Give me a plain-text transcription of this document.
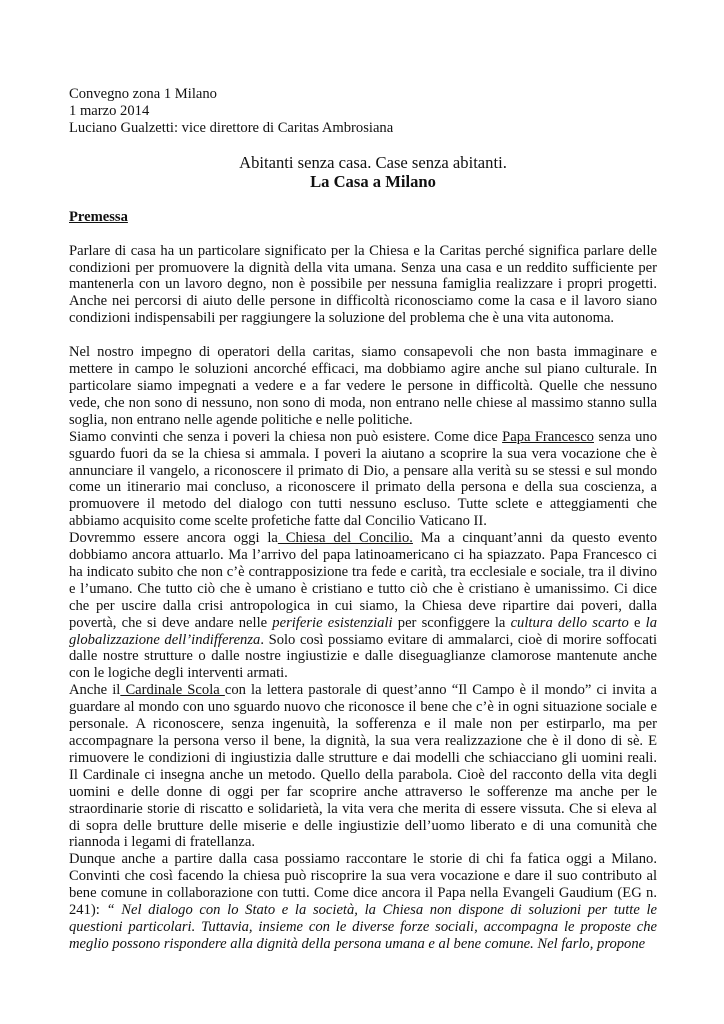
Convegno zona 1 Milano
1 marzo 2014
Luciano Gualzetti: vice direttore di Caritas Ambrosiana
Abitanti senza casa. Case senza abitanti.
La Casa a Milano
Premessa

Parlare di casa ha un particolare significato per la Chiesa e la Caritas perché significa parlare delle condizioni per promuovere la dignità della vita umana. Senza una casa e un reddito sufficiente per mantenerla con un lavoro degno, non è possibile per nessuna famiglia realizzare i propri progetti. Anche nei percorsi di aiuto delle persone in difficoltà riconosciamo come la casa e il lavoro siano condizioni indispensabili per raggiungere la soluzione del problema che è una vita autonoma.

Nel nostro impegno di operatori della caritas, siamo consapevoli che non basta immaginare e mettere in campo le soluzioni ancorché efficaci, ma dobbiamo agire anche sul piano culturale. In particolare siamo impegnati a vedere e a far vedere le persone in difficoltà. Quelle che nessuno vede, che non sono di nessuno, non sono di moda, non entrano nelle chiese al massimo stanno sulla soglia, non entrano nelle agende politiche e nelle politiche.

Siamo convinti che senza i poveri la chiesa non può esistere. Come dice Papa Francesco senza uno sguardo fuori da se la chiesa si ammala. I poveri la aiutano a scoprire la sua vera vocazione che è annunciare il vangelo, a riconoscere il primato di Dio, a pensare alla verità su se stessi e sul mondo come un itinerario mai concluso, a riconoscere il primato della persona e della sua coscienza, a promuovere il metodo del dialogo con tutti nessuno escluso. Tutte sclete e atteggiamenti che abbiamo acquisito come scelte profetiche fatte dal Concilio Vaticano II.

Dovremmo essere ancora oggi la Chiesa del Concilio. Ma a cinquant’anni da questo evento dobbiamo ancora attuarlo. Ma l’arrivo del papa latinoamericano ci ha spiazzato. Papa Francesco ci ha indicato subito che non c’è contrapposizione tra fede e carità, tra ecclesiale e sociale, tra il divino e l’umano. Che tutto ciò che è umano è cristiano e tutto ciò che è cristiano è umanissimo. Ci dice che per uscire dalla crisi antropologica in cui siamo, la Chiesa deve ripartire dai poveri, dalla povertà, che si deve andare nelle periferie esistenziali per sconfiggere la cultura dello scarto e la globalizzazione dell’indifferenza. Solo così possiamo evitare di ammalarci, cioè di morire soffocati dalle nostre strutture o dalle nostre ingiustizie e dalle diseguaglianze clamorose mantenute anche con le logiche degli interventi armati.

Anche il Cardinale Scola con la lettera pastorale di quest’anno “Il Campo è il mondo” ci invita a guardare al mondo con uno sguardo nuovo che riconosce il bene che c’è in ogni situazione sociale e personale. A riconoscere, senza ingenuità, la sofferenza e il male non per estirparlo, ma per accompagnare la persona verso il bene, la dignità, la sua vera realizzazione che è il dono di sè. E rimuovere le condizioni di ingiustizia dalle strutture e dai modelli che schiacciano gli uomini reali. Il Cardinale ci insegna anche un metodo. Quello della parabola. Cioè del racconto della vita degli uomini e delle donne di oggi per far scoprire anche attraverso le sofferenze ma anche per le straordinarie storie di riscatto e solidarietà, la vita vera che merita di essere vissuta. Che si eleva al di sopra delle brutture delle miserie e delle ingiustizie dell’uomo liberato e di una comunità che riannoda i legami di fratellanza.

Dunque anche a partire dalla casa possiamo raccontare le storie di chi fa fatica oggi a Milano. Convinti che così facendo la chiesa può riscoprire la sua vera vocazione e dare il suo contributo al bene comune in collaborazione con tutti. Come dice ancora il Papa nella Evangeli Gaudium (EG n. 241): “ Nel dialogo con lo Stato e la società, la Chiesa non dispone di soluzioni per tutte le questioni particolari. Tuttavia, insieme con le diverse forze sociali, accompagna le proposte che meglio possono rispondere alla dignità della persona umana e al bene comune. Nel farlo, propone
